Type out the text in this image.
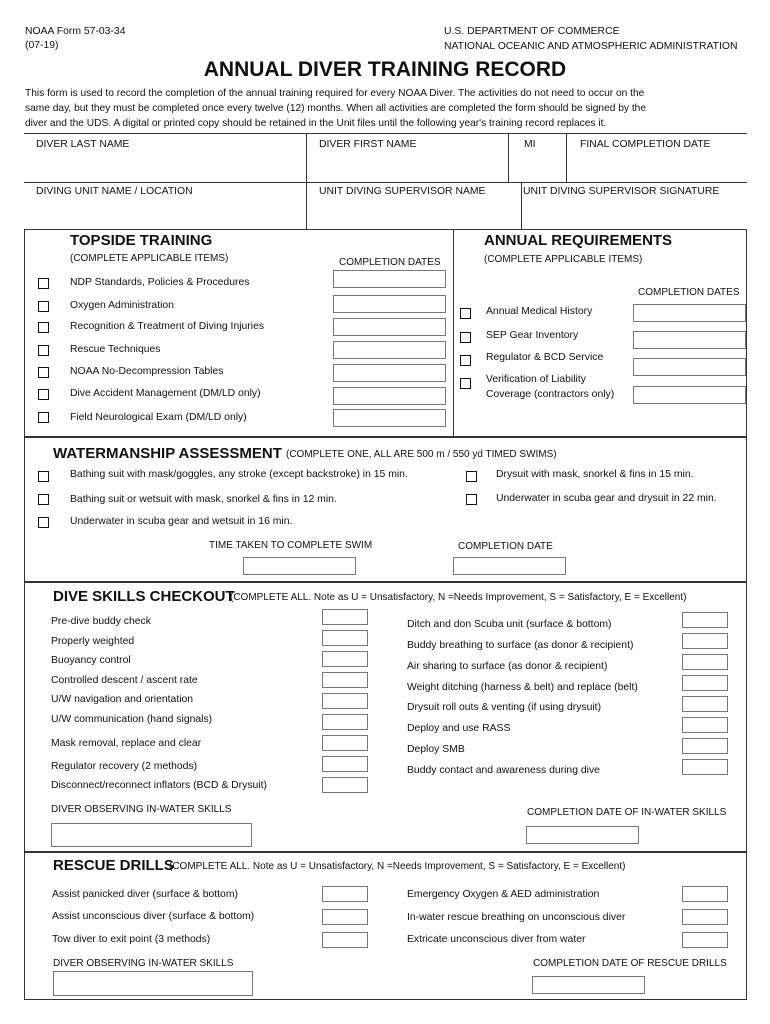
NOAA Form 57-03-34
(07-19)
U.S. DEPARTMENT OF COMMERCE
NATIONAL OCEANIC AND ATMOSPHERIC ADMINISTRATION
ANNUAL DIVER TRAINING RECORD
This form is used to record the completion of the annual training required for every NOAA Diver. The activities do not need to occur on the
same day, but they must be completed once every twelve (12) months. When all activities are completed the form should be signed by the
diver and the UDS. A digital or printed copy should be retained in the Unit files until the following year's training record replaces it.
DIVER LAST NAME	DIVER FIRST NAME	MI	FINAL COMPLETION DATE
DIVING UNIT NAME / LOCATION	UNIT DIVING SUPERVISOR NAME	UNIT DIVING SUPERVISOR SIGNATURE
TOPSIDE TRAINING
(COMPLETE APPLICABLE ITEMS)	COMPLETION DATES
NDP Standards, Policies & Procedures
Oxygen Administration
Recognition & Treatment of Diving Injuries
Rescue Techniques
NOAA No-Decompression Tables
Dive Accident Management (DM/LD only)
Field Neurological Exam (DM/LD only)
ANNUAL REQUIREMENTS
(COMPLETE APPLICABLE ITEMS)
COMPLETION DATES
Annual Medical History
SEP Gear Inventory
Regulator & BCD Service
Verification of Liability
Coverage (contractors only)
WATERMANSHIP ASSESSMENT (COMPLETE ONE, ALL ARE 500 m / 550 yd TIMED SWIMS)
Bathing suit with mask/goggles, any stroke (except backstroke) in 15 min.
Bathing suit or wetsuit with mask, snorkel & fins in 12 min.
Underwater in scuba gear and wetsuit in 16 min.
Drysuit with mask, snorkel & fins in 15 min.
Underwater in scuba gear and drysuit in 22 min.
TIME TAKEN TO COMPLETE SWIM	COMPLETION DATE
DIVE SKILLS CHECKOUT
(COMPLETE ALL. Note as U = Unsatisfactory, N =Needs Improvement, S = Satisfactory, E = Excellent)
Pre-dive buddy check
Properly weighted
Buoyancy control
Controlled descent / ascent rate
U/W navigation and orientation
U/W communication (hand signals)
Mask removal, replace and clear
Regulator recovery (2 methods)
Disconnect/reconnect inflators (BCD & Drysuit)
Ditch and don Scuba unit (surface & bottom)
Buddy breathing to surface (as donor & recipient)
Air sharing to surface (as donor & recipient)
Weight ditching (harness & belt) and replace (belt)
Drysuit roll outs & venting (if using drysuit)
Deploy and use RASS
Deploy SMB
Buddy contact and awareness during dive
DIVER OBSERVING IN-WATER SKILLS	COMPLETION DATE OF IN-WATER SKILLS
RESCUE DRILLS
(COMPLETE ALL. Note as U = Unsatisfactory, N =Needs Improvement, S = Satisfactory, E = Excellent)
Assist panicked diver (surface & bottom)
Assist unconscious diver (surface & bottom)
Tow diver to exit point (3 methods)
Emergency Oxygen & AED administration
In-water rescue breathing on unconscious diver
Extricate unconscious diver from water
DIVER OBSERVING IN-WATER SKILLS	COMPLETION DATE OF RESCUE DRILLS
